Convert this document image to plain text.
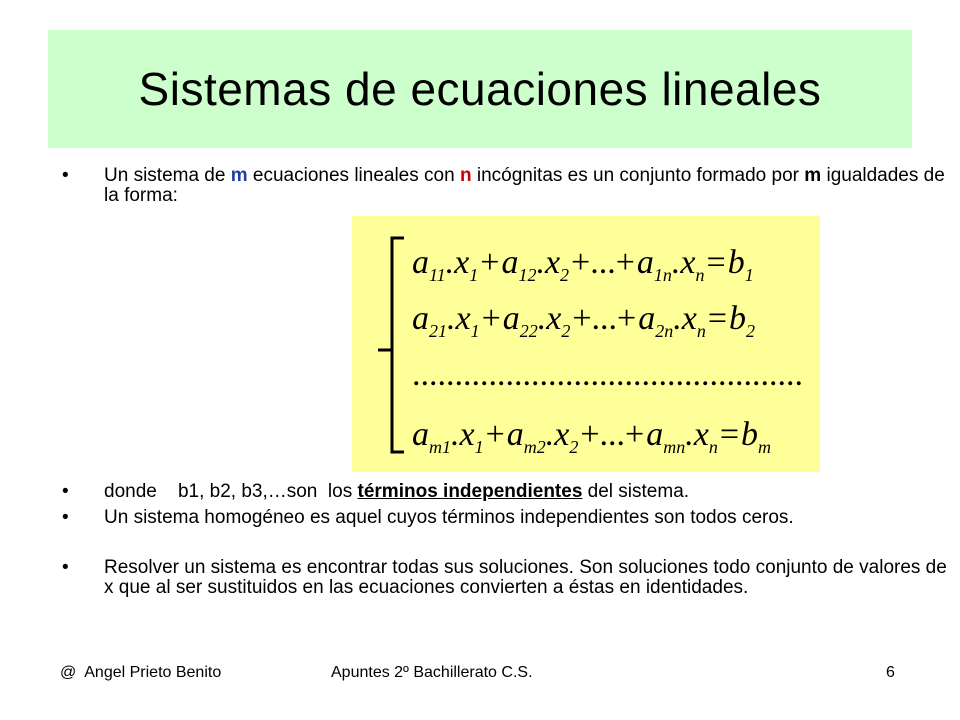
Sistemas de ecuaciones lineales
• Un sistema de m ecuaciones lineales con n incógnitas es un conjunto formado por m igualdades de la forma:
• donde    b1, b2, b3,…son  los términos independientes del sistema.
• Un sistema homogéneo es aquel cuyos términos independientes son todos ceros.
• Resolver un sistema es encontrar todas sus soluciones. Son soluciones todo conjunto de valores de x que al ser sustituidos en las ecuaciones convierten a éstas en identidades.
$a_{11}.x_1+a_{12}.x_2+...+a_{1n}.x_n=b_1$
$a_{21}.x_1+a_{22}.x_2+...+a_{2n}.x_n=b_2$
..............................................
$a_{m1}.x_1+a_{m2}.x_2+...+a_{mn}.x_n=b_m$
@  Angel Prieto Benito	Apuntes 2º Bachillerato C.S.	6
